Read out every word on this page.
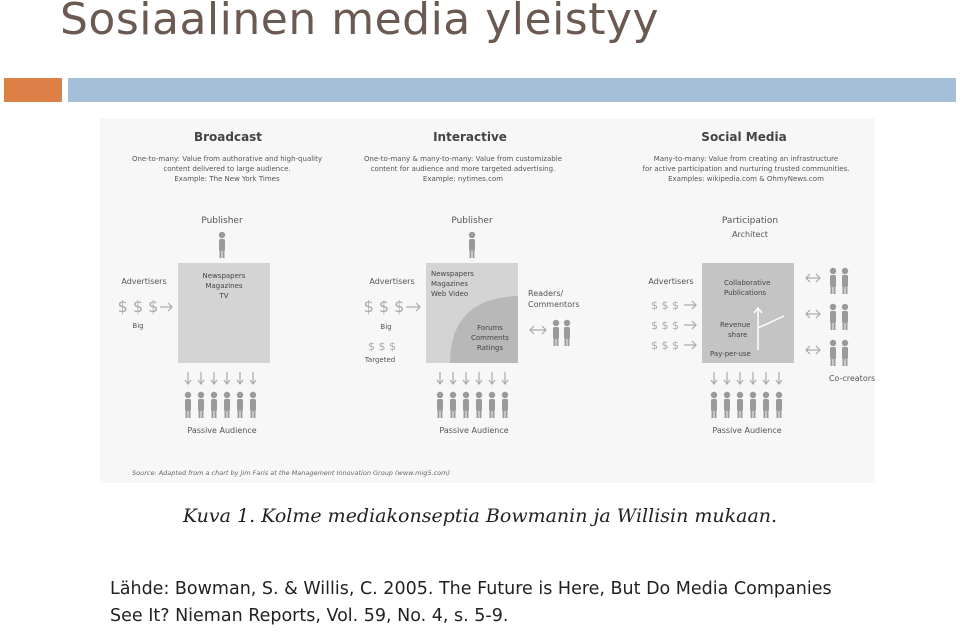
Sosiaalinen media yleistyy
Broadcast
One-to-many: Value from authorative and high-quality
content delivered to large audience.
Example: The New York Times
Publisher
Newspapers
Magazines
TV
Advertisers
$ $ $
Big
Passive Audience
Interactive
One-to-many & many-to-many: Value from customizable
content for audience and more targeted advertising.
Example: nytimes.com
Publisher
Newspapers
Magazines
Web Video
Forums
Comments
Ratings
Advertisers
$ $ $
Big
$ $ $
Targeted
Readers/
Commentors
Passive Audience
Social Media
Many-to-many: Value from creating an infrastructure
for active participation and nurturing trusted communities.
Examples: wikipedia.com & OhmyNews.com
Participation
Architect
Collaborative
Publications
Revenue
share
Pay-per-use
Advertisers
$ $ $
$ $ $
$ $ $
Co-creators
Passive Audience
Source: Adapted from a chart by Jim Faris at the Management Innovation Group (www.mig5.com)
Kuva 1. Kolme mediakonseptia Bowmanin ja Willisin mukaan.
Lähde: Bowman, S. & Willis, C. 2005. The Future is Here, But Do Media Companies
See It? Nieman Reports, Vol. 59, No. 4, s. 5-9.
